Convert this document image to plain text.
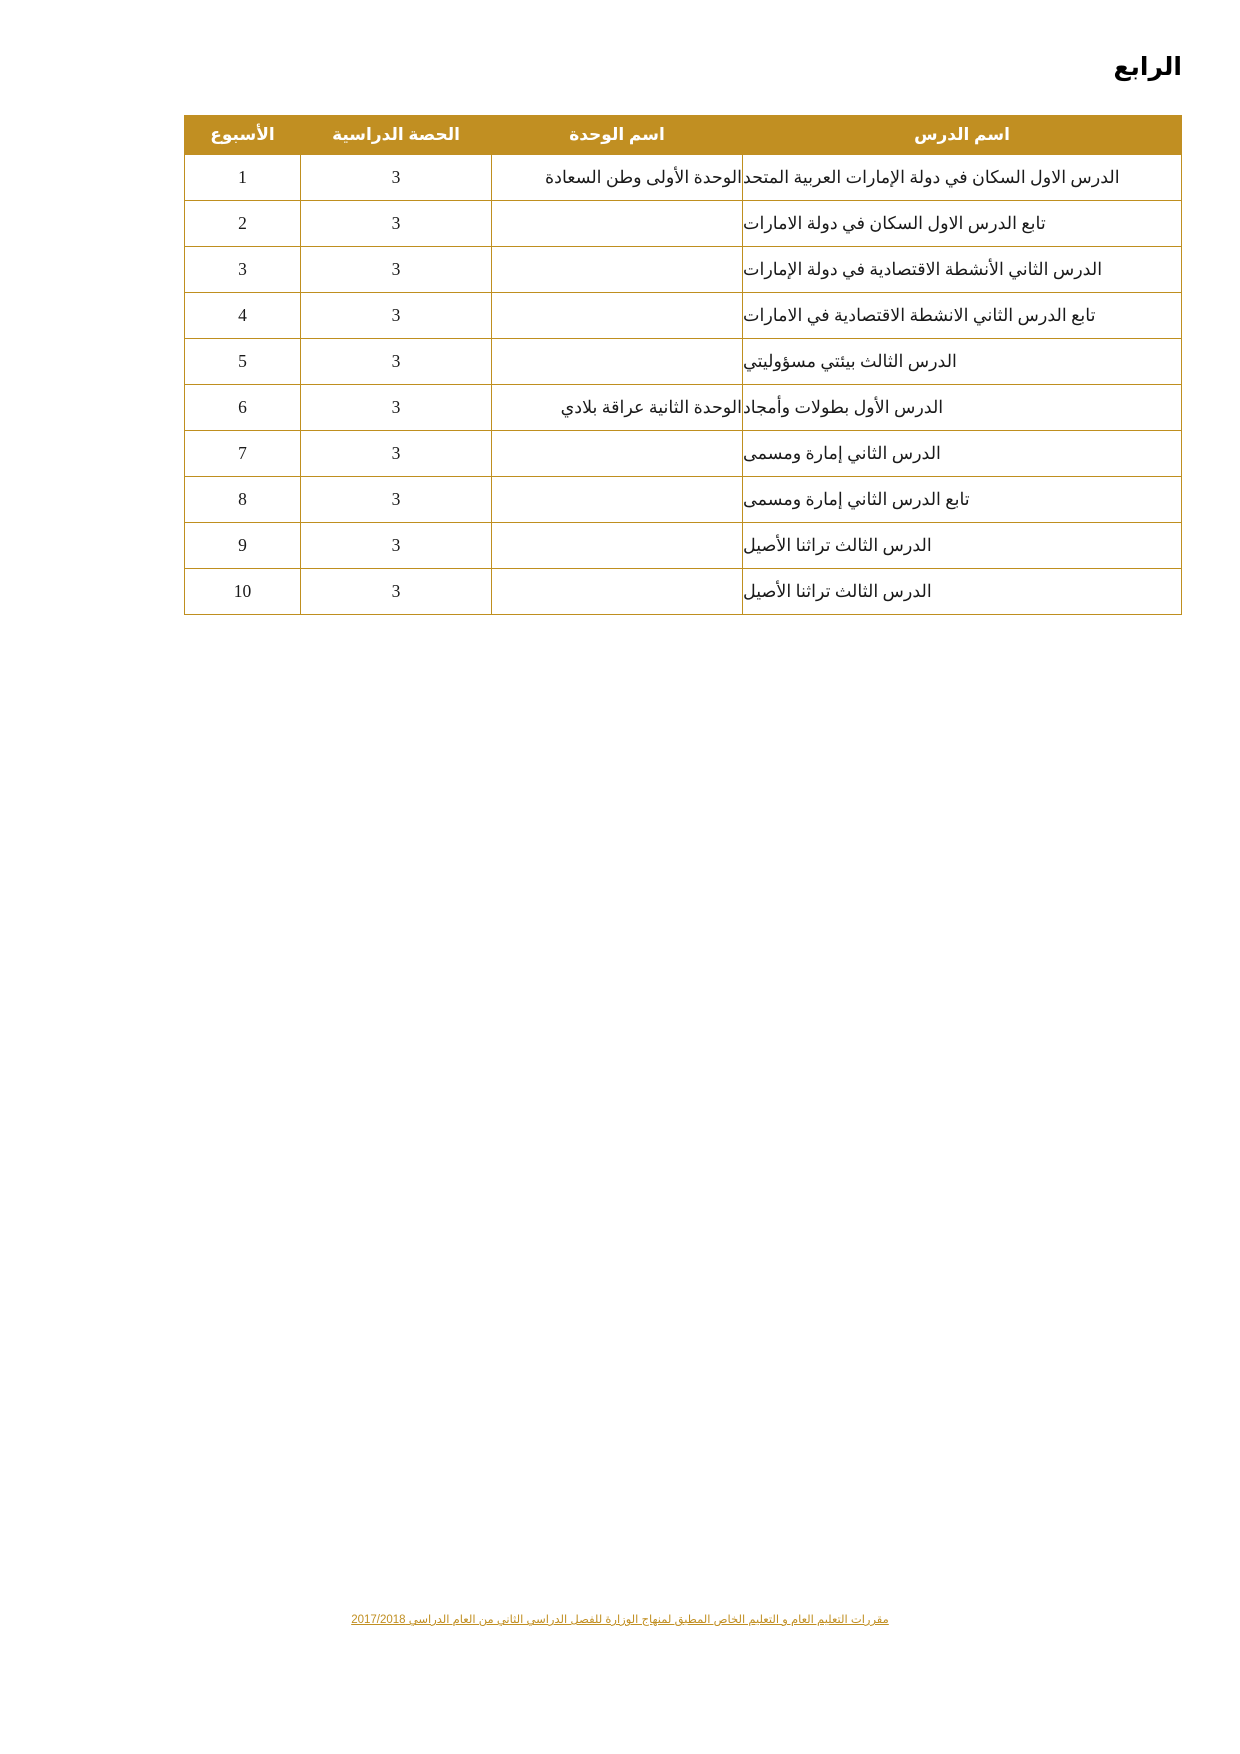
الرابع
اسم الدرس	اسم الوحدة	الحصة الدراسية	الأسبوع
الدرس الاول السكان في دولة الإمارات العربية المتحد	الوحدة الأولى وطن السعادة	3	1
تابع الدرس الاول السكان في دولة الامارات		3	2
الدرس الثاني الأنشطة الاقتصادية في دولة الإمارات		3	3
تابع الدرس الثاني الانشطة الاقتصادية في الامارات		3	4
الدرس الثالث بيئتي مسؤوليتي		3	5
الدرس الأول بطولات وأمجاد	الوحدة الثانية عراقة بلادي	3	6
الدرس الثاني إمارة ومسمى		3	7
تابع الدرس الثاني إمارة ومسمى		3	8
الدرس الثالث تراثنا الأصيل		3	9
الدرس الثالث تراثنا الأصيل		3	10
مقررات التعليم العام و التعليم الخاص المطبق لمنهاج الوزارة للفصل الدراسي الثاني من العام الدراسي 2017/2018
